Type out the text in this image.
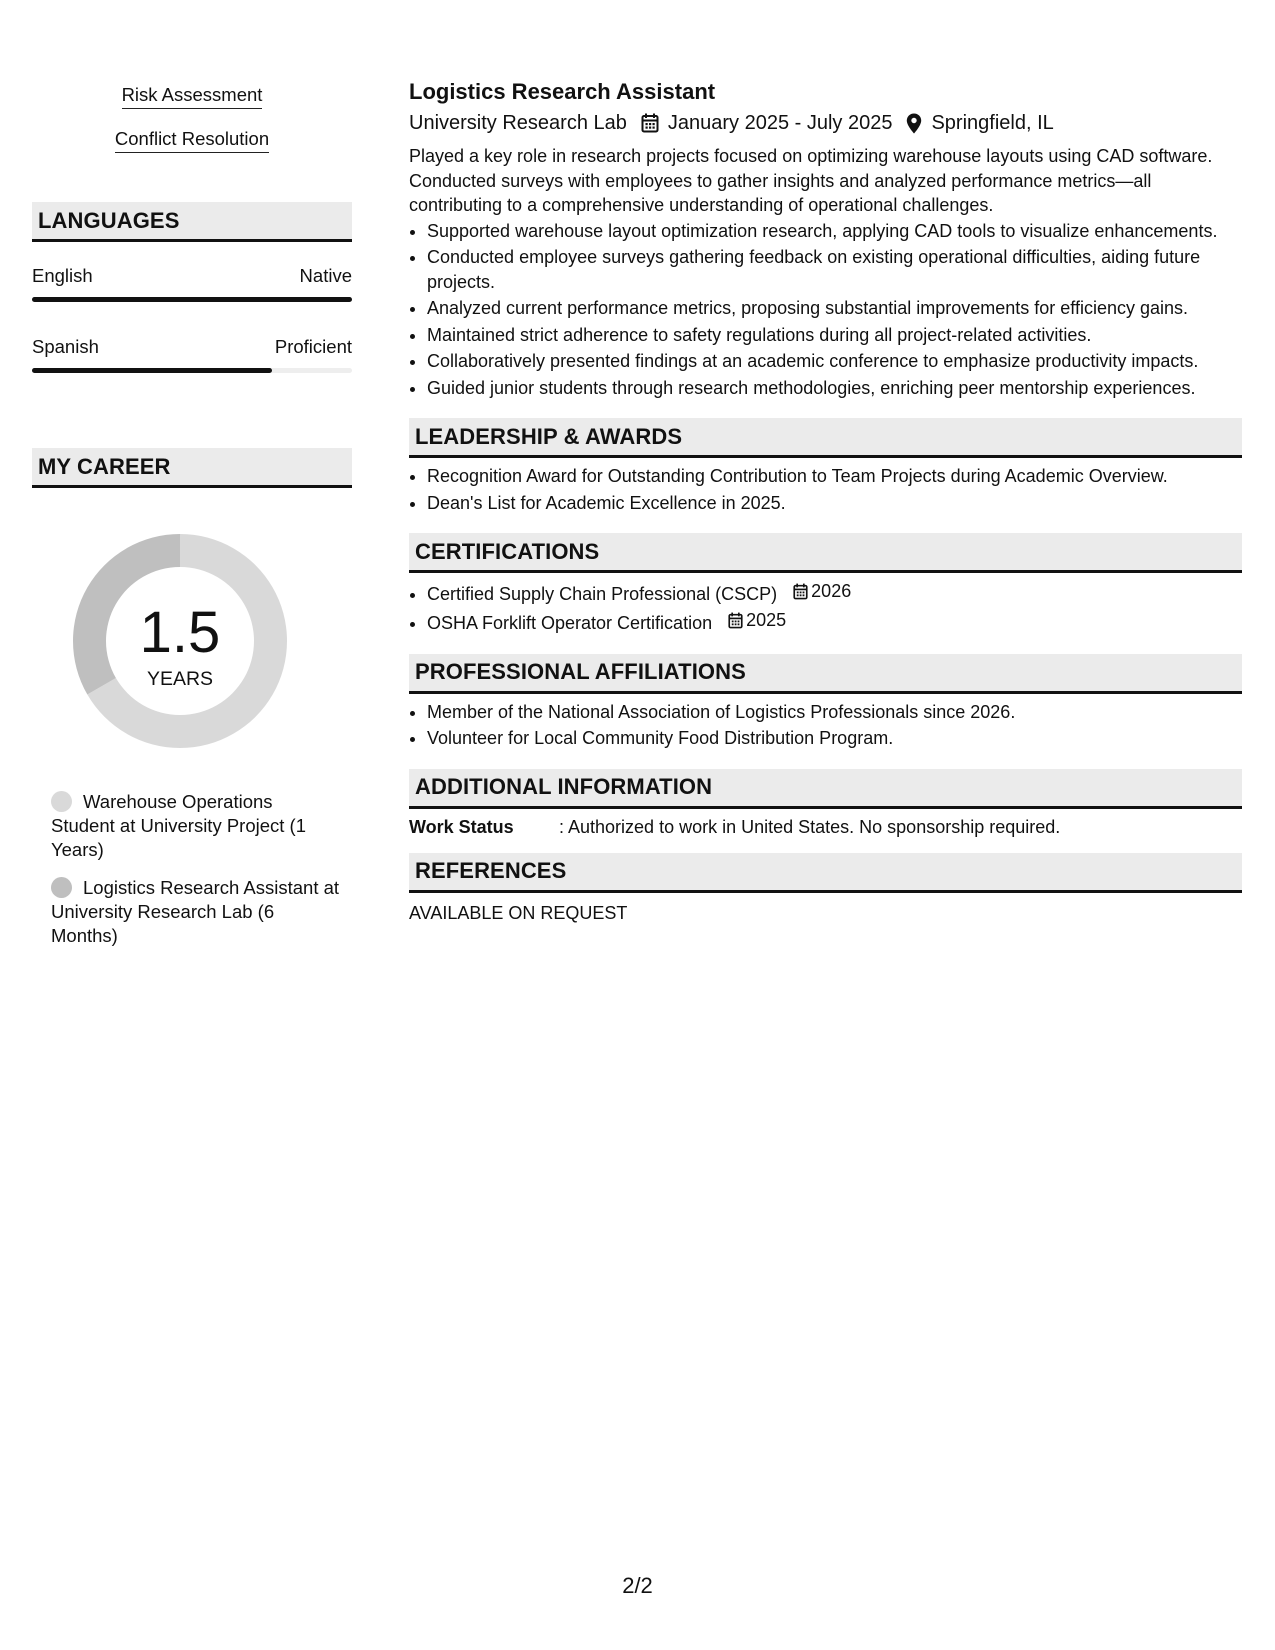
Risk Assessment
Conflict Resolution
LANGUAGES
English	Native
Spanish	Proficient
MY CAREER
1.5
YEARS
Warehouse Operations Student at University Project (1 Years)
Logistics Research Assistant at University Research Lab (6 Months)
Logistics Research Assistant
University Research Lab January 2025 - July 2025 Springfield, IL
Played a key role in research projects focused on optimizing warehouse layouts using CAD software. Conducted surveys with employees to gather insights and analyzed performance metrics—all contributing to a comprehensive understanding of operational challenges.
• Supported warehouse layout optimization research, applying CAD tools to visualize enhancements.
• Conducted employee surveys gathering feedback on existing operational difficulties, aiding future projects.
• Analyzed current performance metrics, proposing substantial improvements for efficiency gains.
• Maintained strict adherence to safety regulations during all project-related activities.
• Collaboratively presented findings at an academic conference to emphasize productivity impacts.
• Guided junior students through research methodologies, enriching peer mentorship experiences.
LEADERSHIP & AWARDS
• Recognition Award for Outstanding Contribution to Team Projects during Academic Overview.
• Dean's List for Academic Excellence in 2025.
CERTIFICATIONS
• Certified Supply Chain Professional (CSCP) 2026
• OSHA Forklift Operator Certification 2025
PROFESSIONAL AFFILIATIONS
• Member of the National Association of Logistics Professionals since 2026.
• Volunteer for Local Community Food Distribution Program.
ADDITIONAL INFORMATION
Work Status	: Authorized to work in United States. No sponsorship required.
REFERENCES
AVAILABLE ON REQUEST
2/2
